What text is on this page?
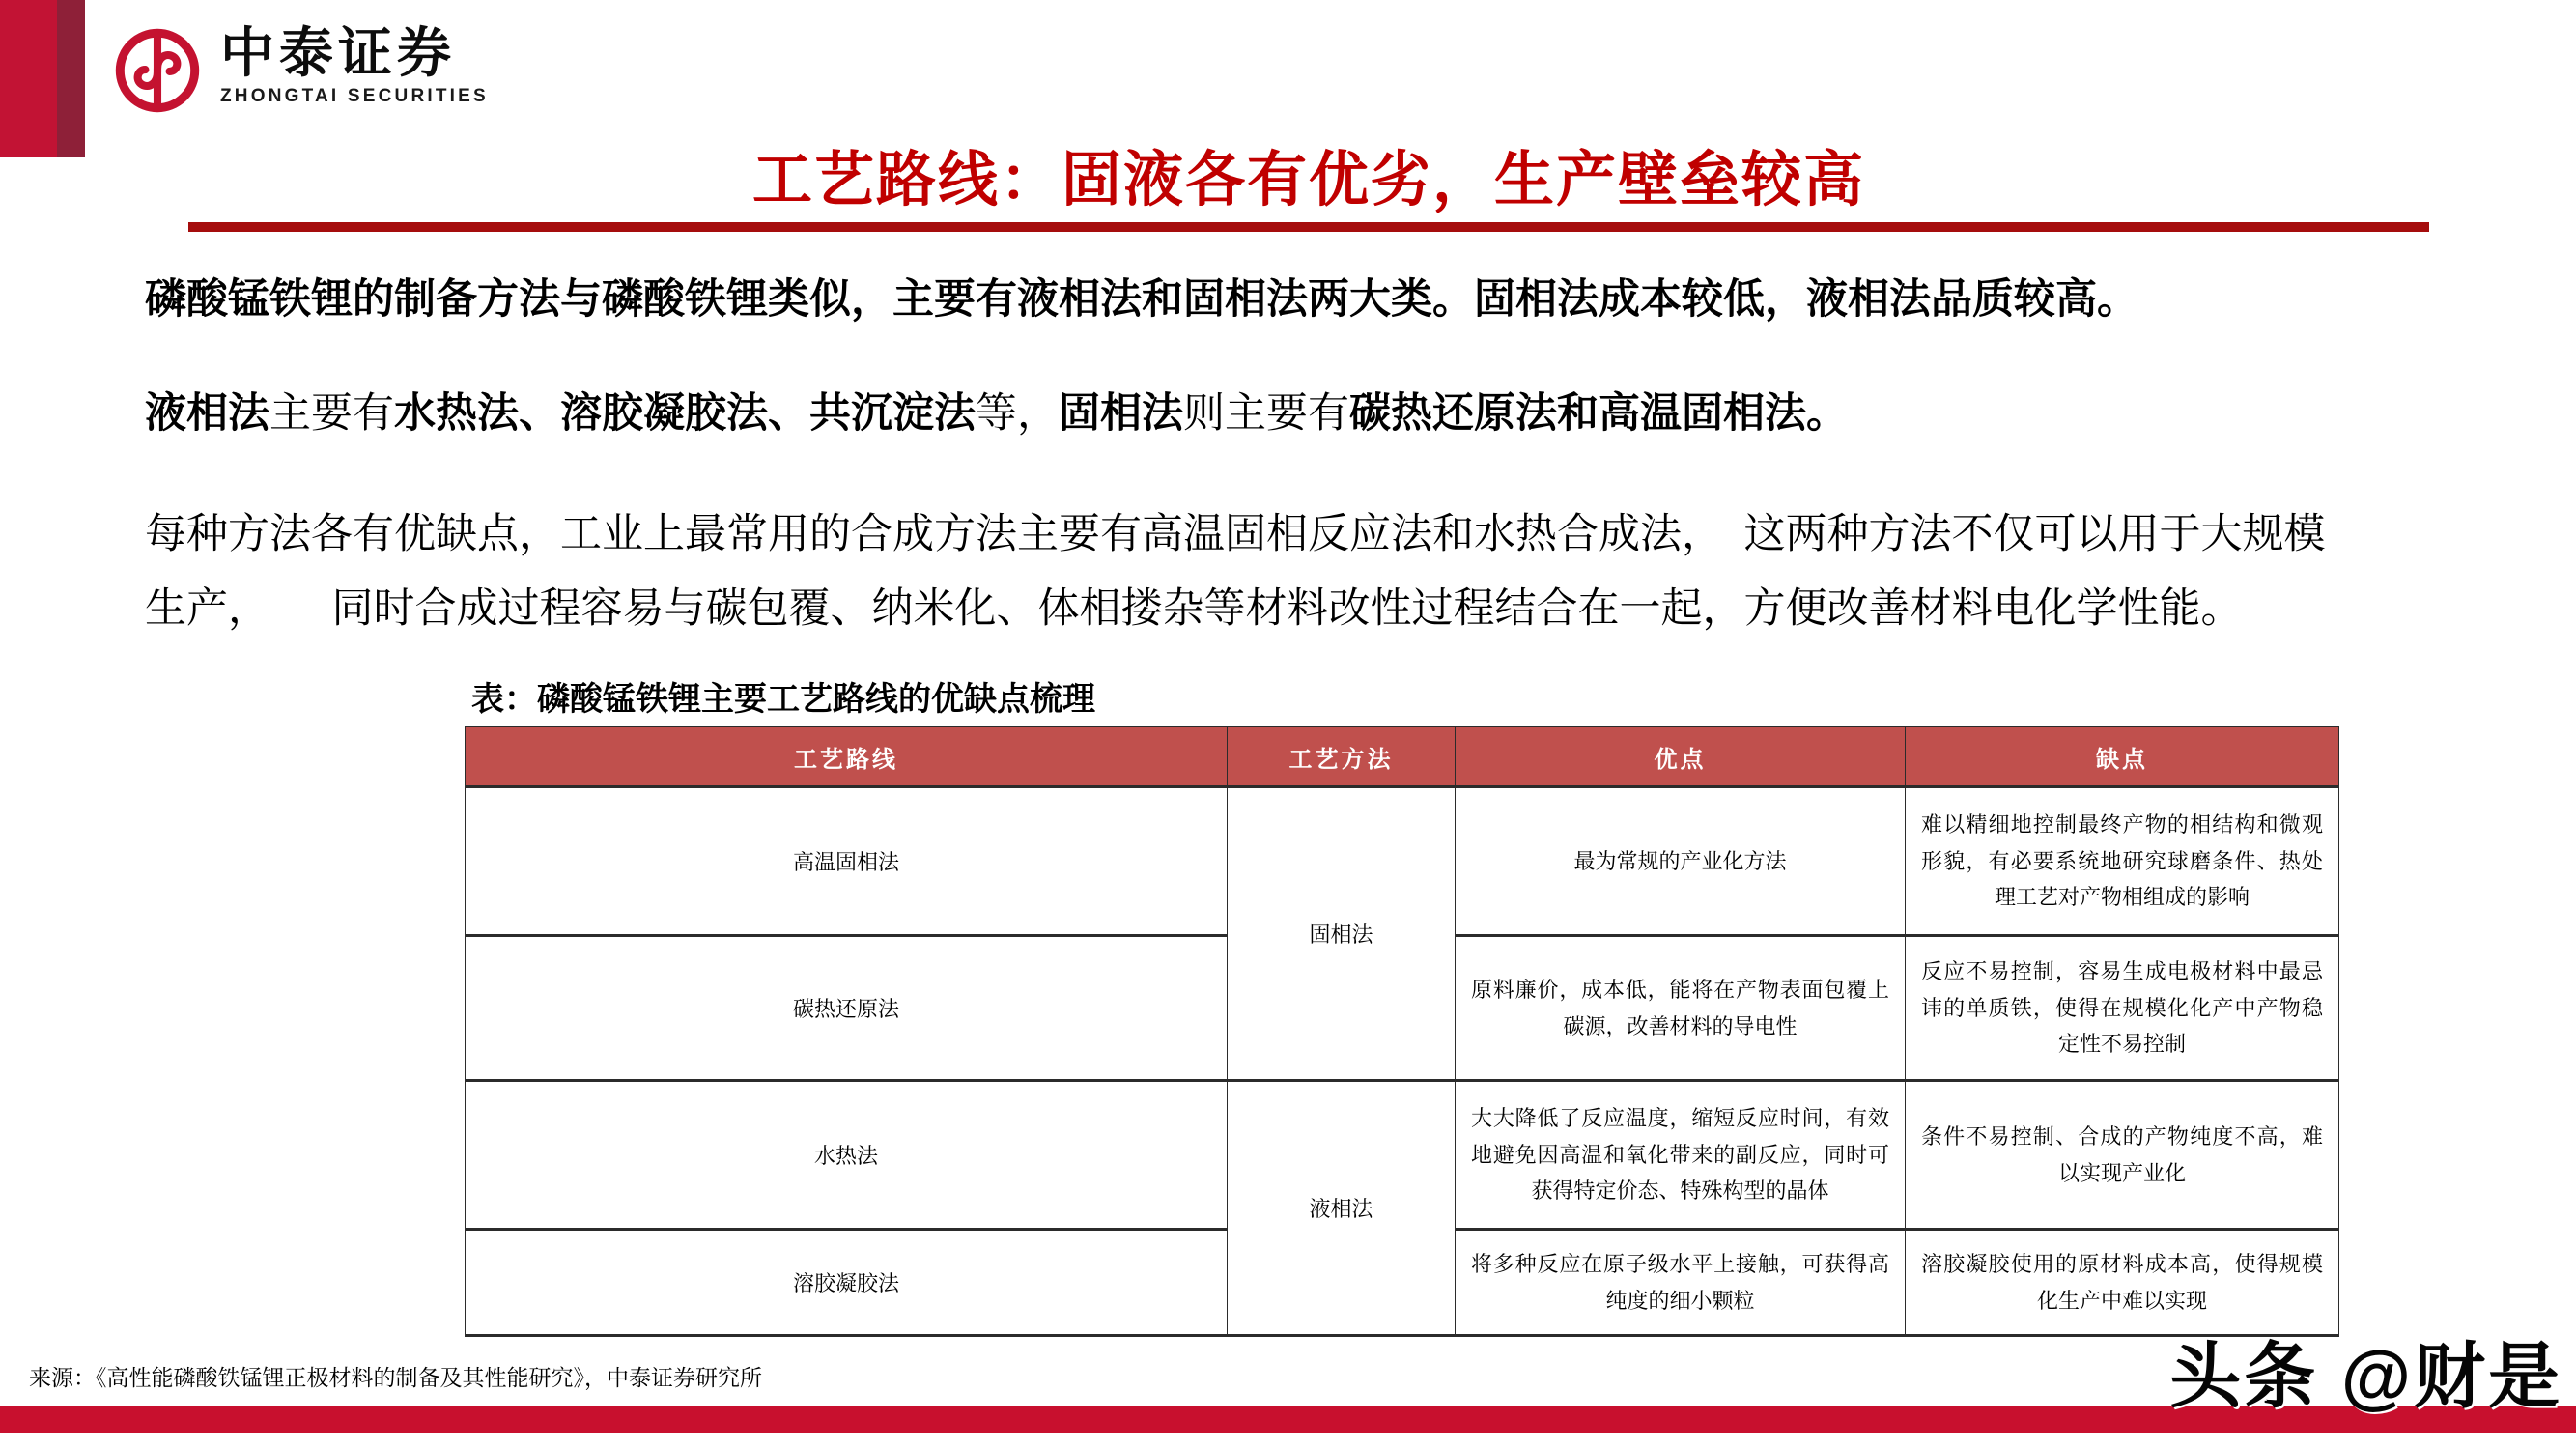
中泰证券
ZHONGTAI SECURITIES
工艺路线：固液各有优劣，生产壁垒较高
磷酸锰铁锂的制备方法与磷酸铁锂类似，主要有液相法和固相法两大类。固相法成本较低，液相法品质较高。
液相法主要有水热法、溶胶凝胶法、共沉淀法等，固相法则主要有碳热还原法和高温固相法。
每种方法各有优缺点，工业上最常用的合成方法主要有高温固相反应法和水热合成法，　这两种方法不仅可以用于大规模
生产，　　同时合成过程容易与碳包覆、纳米化、体相搂杂等材料改性过程结合在一起，方便改善材料电化学性能。
表：磷酸锰铁锂主要工艺路线的优缺点梳理
工艺路线	工艺方法	优点	缺点
高温固相法	固相法	最为常规的产业化方法	难以精细地控制最终产物的相结构和微观形貌，有必要系统地研究球磨条件、热处理工艺对产物相组成的影响
碳热还原法		原料廉价，成本低，能将在产物表面包覆上碳源，改善材料的导电性	反应不易控制，容易生成电极材料中最忌讳的单质铁，使得在规模化化产中产物稳定性不易控制
水热法	液相法	大大降低了反应温度，缩短反应时间，有效地避免因高温和氧化带来的副反应，同时可获得特定价态、特殊构型的晶体	条件不易控制、合成的产物纯度不高，难以实现产业化
溶胶凝胶法		将多种反应在原子级水平上接触，可获得高纯度的细小颗粒	溶胶凝胶使用的原材料成本高，使得规模化生产中难以实现
来源：《高性能磷酸铁锰锂正极材料的制备及其性能研究》，中泰证券研究所	头条 @财是
